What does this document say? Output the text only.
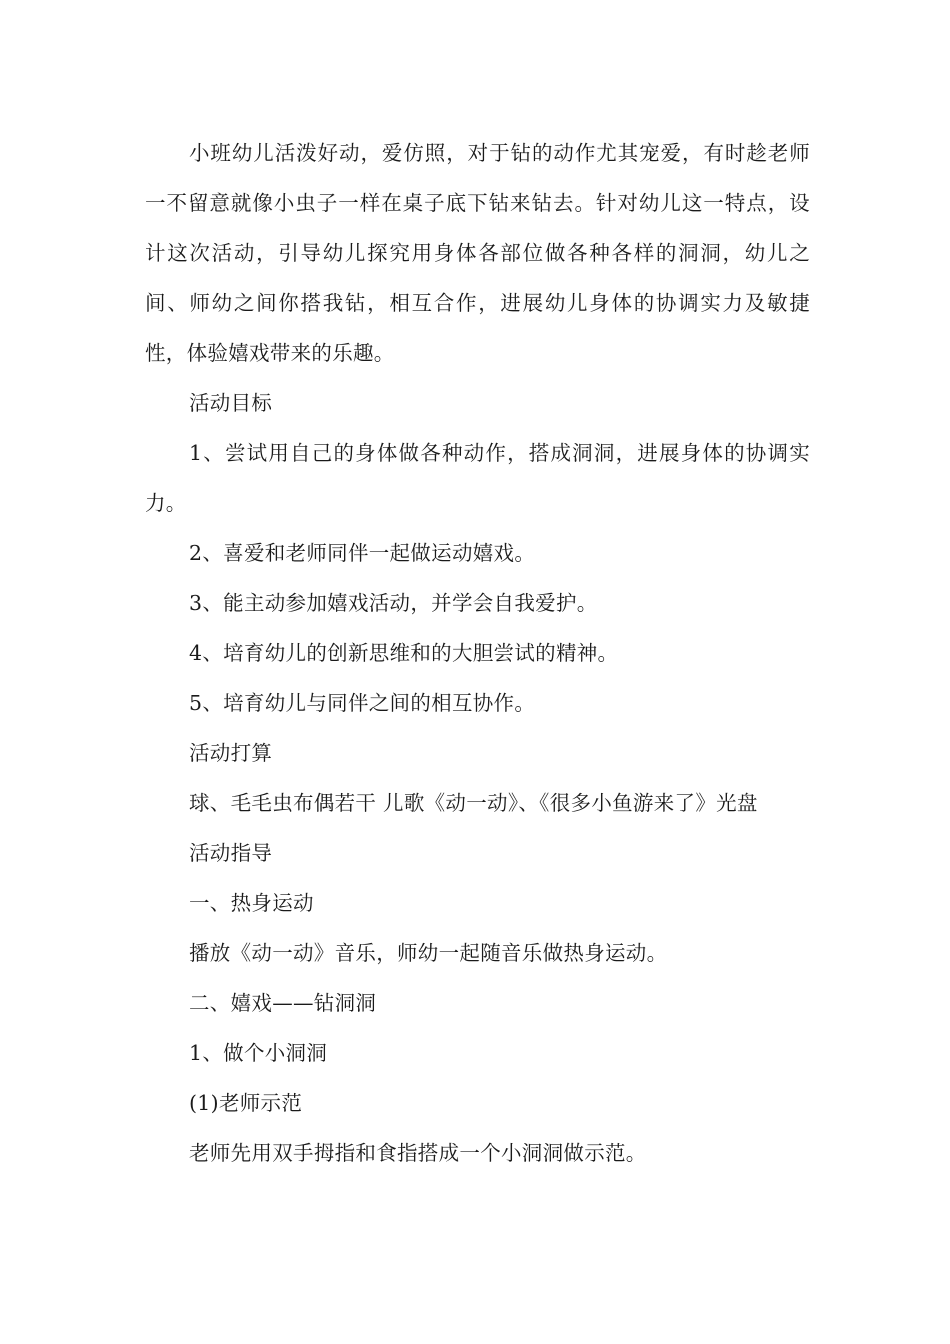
小班幼儿活泼好动，爱仿照，对于钻的动作尤其宠爱，有时趁老师一不留意就像小虫子一样在桌子底下钻来钻去。针对幼儿这一特点，设计这次活动，引导幼儿探究用身体各部位做各种各样的洞洞，幼儿之间、师幼之间你搭我钻，相互合作，进展幼儿身体的协调实力及敏捷性，体验嬉戏带来的乐趣。

活动目标

1、尝试用自己的身体做各种动作，搭成洞洞，进展身体的协调实力。

2、喜爱和老师同伴一起做运动嬉戏。

3、能主动参加嬉戏活动，并学会自我爱护。

4、培育幼儿的创新思维和的大胆尝试的精神。

5、培育幼儿与同伴之间的相互协作。

活动打算

球、毛毛虫布偶若干 儿歌《动一动》、《很多小鱼游来了》光盘

活动指导

一、热身运动

播放《动一动》音乐，师幼一起随音乐做热身运动。

二、嬉戏——钻洞洞

1、做个小洞洞

(1)老师示范

老师先用双手拇指和食指搭成一个小洞洞做示范。
